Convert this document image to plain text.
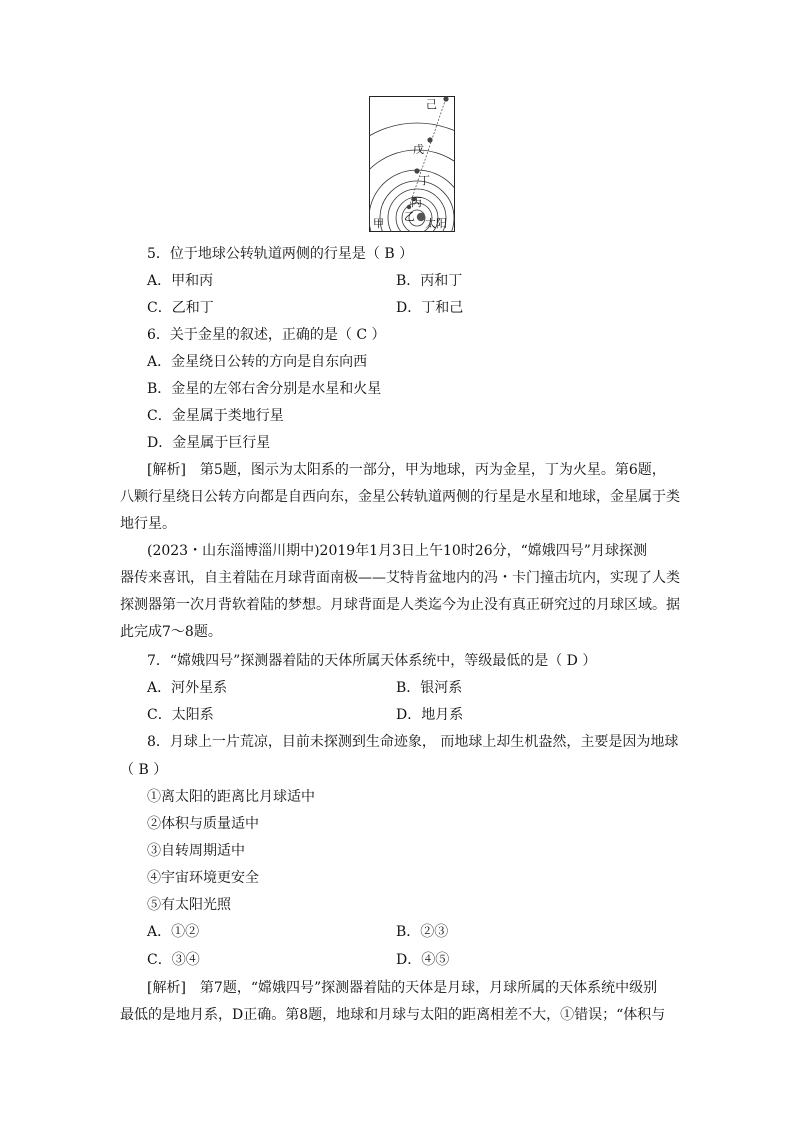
己
戊
丁
丙
乙
甲	太阳
5．位于地球公转轨道两侧的行星是（ B ）
A．甲和丙	B．丙和丁
C．乙和丁	D．丁和己
6．关于金星的叙述，正确的是（ C ）
A．金星绕日公转的方向是自东向西
B．金星的左邻右舍分别是水星和火星
C．金星属于类地行星
D．金星属于巨行星
[解析]　第5题，图示为太阳系的一部分，甲为地球，丙为金星，丁为火星。第6题，
八颗行星绕日公转方向都是自西向东，金星公转轨道两侧的行星是水星和地球，金星属于类
地行星。
(2023・山东淄博淄川期中)2019年1月3日上午10时26分，“嫦娥四号”月球探测
器传来喜讯，自主着陆在月球背面南极——艾特肯盆地内的冯・卡门撞击坑内，实现了人类
探测器第一次月背软着陆的梦想。月球背面是人类迄今为止没有真正研究过的月球区域。据
此完成7～8题。
7．“嫦娥四号”探测器着陆的天体所属天体系统中，等级最低的是（ D ）
A．河外星系	B．银河系
C．太阳系	D．地月系
8．月球上一片荒凉，目前未探测到生命迹象， 而地球上却生机盎然，主要是因为地球
（ B ）
①离太阳的距离比月球适中
②体积与质量适中
③自转周期适中
④宇宙环境更安全
⑤有太阳光照
A．①②	B．②③
C．③④	D．④⑤
[解析]　第7题，“嫦娥四号”探测器着陆的天体是月球，月球所属的天体系统中级别
最低的是地月系，D正确。第8题，地球和月球与太阳的距离相差不大，①错误；“体积与
